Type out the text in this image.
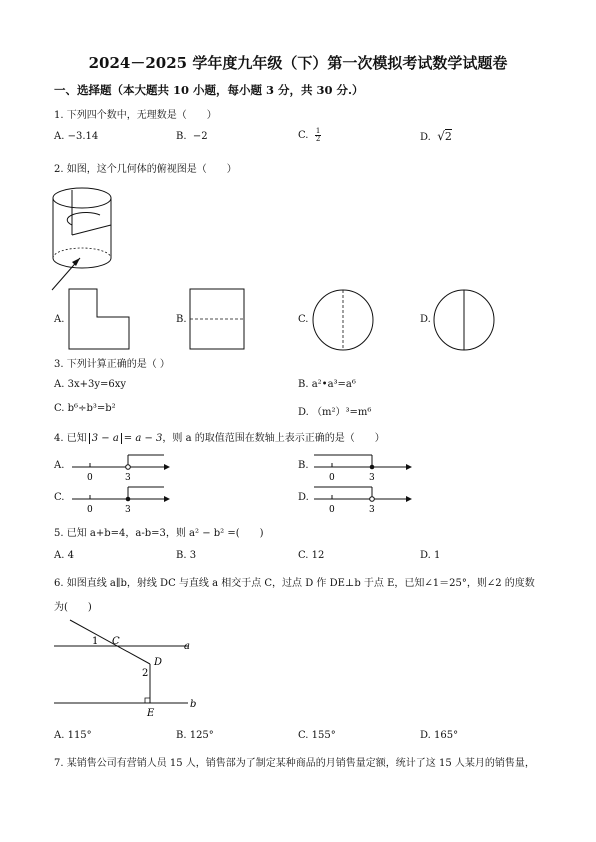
2024－2025 学年度九年级（下）第一次模拟考试数学试题卷
一、选择题（本大题共 10 小题，每小题 3 分，共 30 分.）
1. 下列四个数中，无理数是（　　）
A. −3.14	B. −2	C. $\frac{1}{2}$	D. √2
2. 如图，这个几何体的俯视图是（　　）
A.	B.	C.	D.
3. 下列计算正确的是（ ）
A. 3x+3y=6xy	B. a²•a³=a⁶
C. b⁶÷b³=b²	D. （m²）³=m⁶
4. 已知 3 − a = a − 3，则 a 的取值范围在数轴上表示正确的是（　　）
A.
0	3
B.
0	3
C.
0	3
D.
0	3
5. 已知 a+b=4，a-b=3，则 a² − b² =(　　)
A. 4	B. 3	C. 12	D. 1
6. 如图直线 a∥b，射线 DC 与直线 a 相交于点 C，过点 D 作 DE⊥b 于点 E，已知∠1＝25°，则∠2 的度数
为(　　)
1 C
D
2
E
a
b
A. 115°	B. 125°	C. 155°	D. 165°
7. 某销售公司有营销人员 15 人，销售部为了制定某种商品的月销售量定额，统计了这 15 人某月的销售量，
